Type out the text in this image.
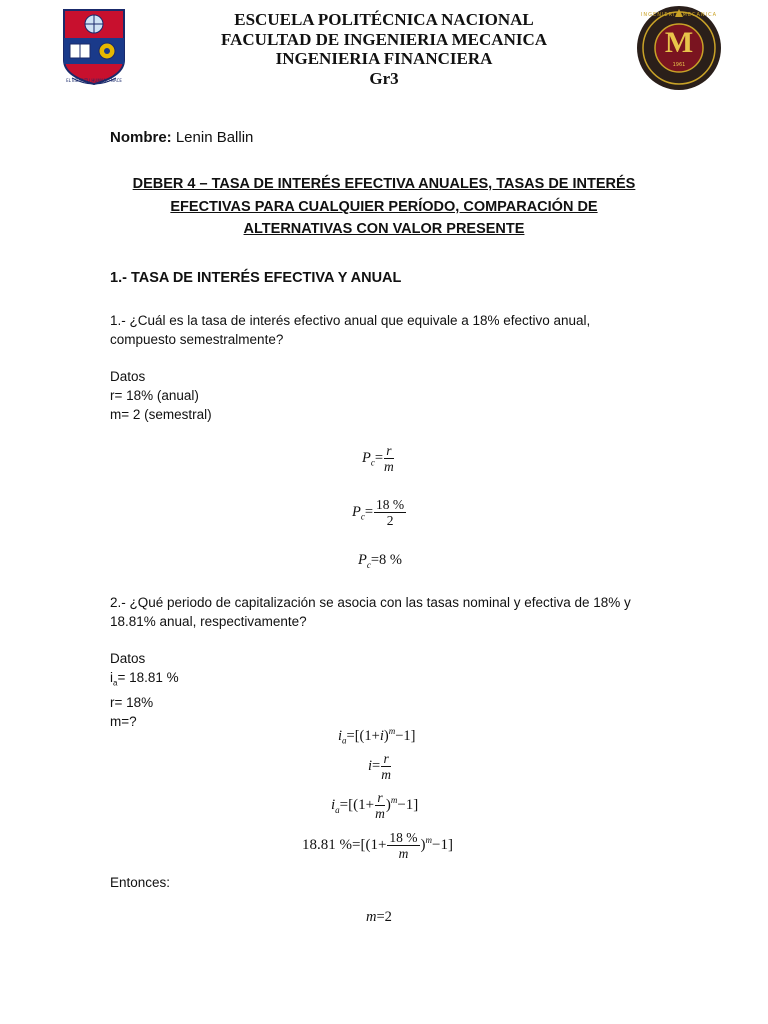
EL ESPIRITU HUMANO NACE
M
INGENIERIA MECANICA
1961
ESCUELA POLITÉCNICA NACIONAL
FACULTAD DE INGENIERIA MECANICA
INGENIERIA FINANCIERA
Gr3
Nombre: Lenin Ballin
DEBER 4 – TASA DE INTERÉS EFECTIVA ANUALES, TASAS DE INTERÉS
EFECTIVAS PARA CUALQUIER PERÍODO, COMPARACIÓN DE
ALTERNATIVAS CON VALOR PRESENTE
1.- TASA DE INTERÉS EFECTIVA Y ANUAL
1.- ¿Cuál es la tasa de interés efectivo anual que equivale a 18% efectivo anual,
compuesto semestralmente?
Datos
r= 18% (anual)
m= 2 (semestral)
$P_c= \frac{r}{m}$
$P_c= \frac{18 \%}{2}$
$P_c=8$ %
2.- ¿Qué periodo de capitalización se asocia con las tasas nominal y efectiva de 18% y
18.81% anual, respectivamente?
Datos
$i_a= 18.81$ %
r= 18%
m=?
$i_a=[(1+i)^m-1]$
$i= \frac{r}{m}$
$i_a=[(1+ \frac{r}{m} )^m-1]$
18.81 $\%=[(1+ \frac{18 \%}{m} )^m-1]$
Entonces:
m=2
